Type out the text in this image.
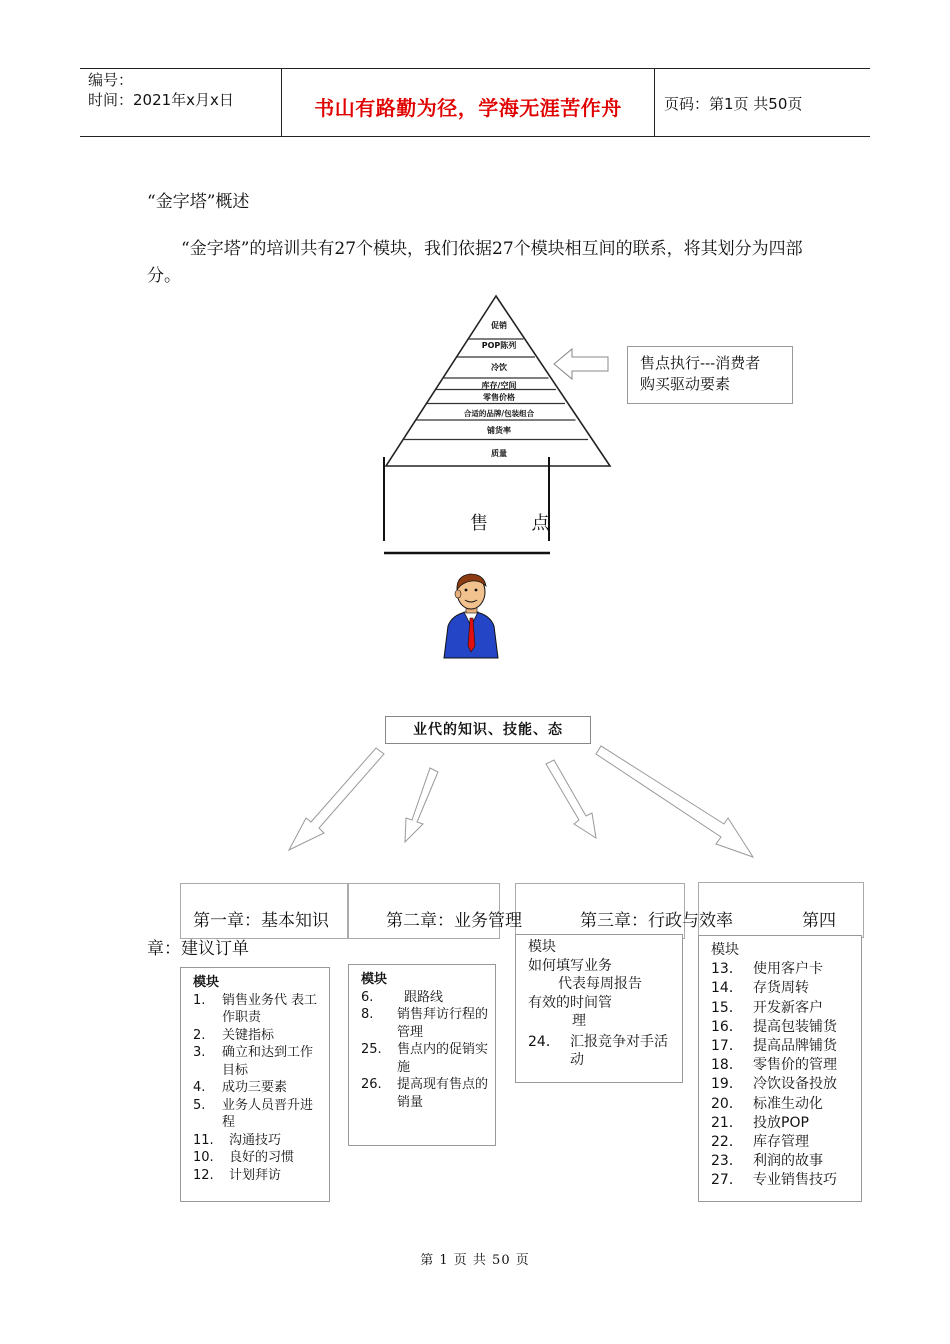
编号：
时间：2021年x月x日	书山有路勤为径，学海无涯苦作舟	页码：第1页 共50页
“金字塔”概述
“金字塔”的培训共有27个模块，我们依据27个模块相互间的联系，将其划分为四部分。
促销
POP陈列
冷饮
库存/空间
零售价格
合适的品牌/包装组合
铺货率
质量
售点执行---消费者
购买驱动要素
售 点
业代的知识、技能、态
第一章：基本知识	第二章：业务管理	第三章：行政与效率	第四
章：建议订单
模块
1.	销售业务代 表工作职责
2.	关键指标
3.	确立和达到工作目标
4.	成功三要素
5.	业务人员晋升进程
11.	沟通技巧
10.	良好的习惯
12.	计划拜访
模块
6.	跟路线
8.	销售拜访行程的管理
25.	售点内的促销实施
26.	提高现有售点的销量
模块
如何填写业务
代表每周报告
有效的时间管
理
24． 汇报竞争对手活动
模块
13． 使用客户卡
14． 存货周转
15． 开发新客户
16． 提高包装铺货
17． 提高品牌铺货
18． 零售价的管理
19． 冷饮设备投放
20． 标准生动化
21． 投放POP
22． 库存管理
23． 利润的故事
27． 专业销售技巧
第 1 页 共 50 页
